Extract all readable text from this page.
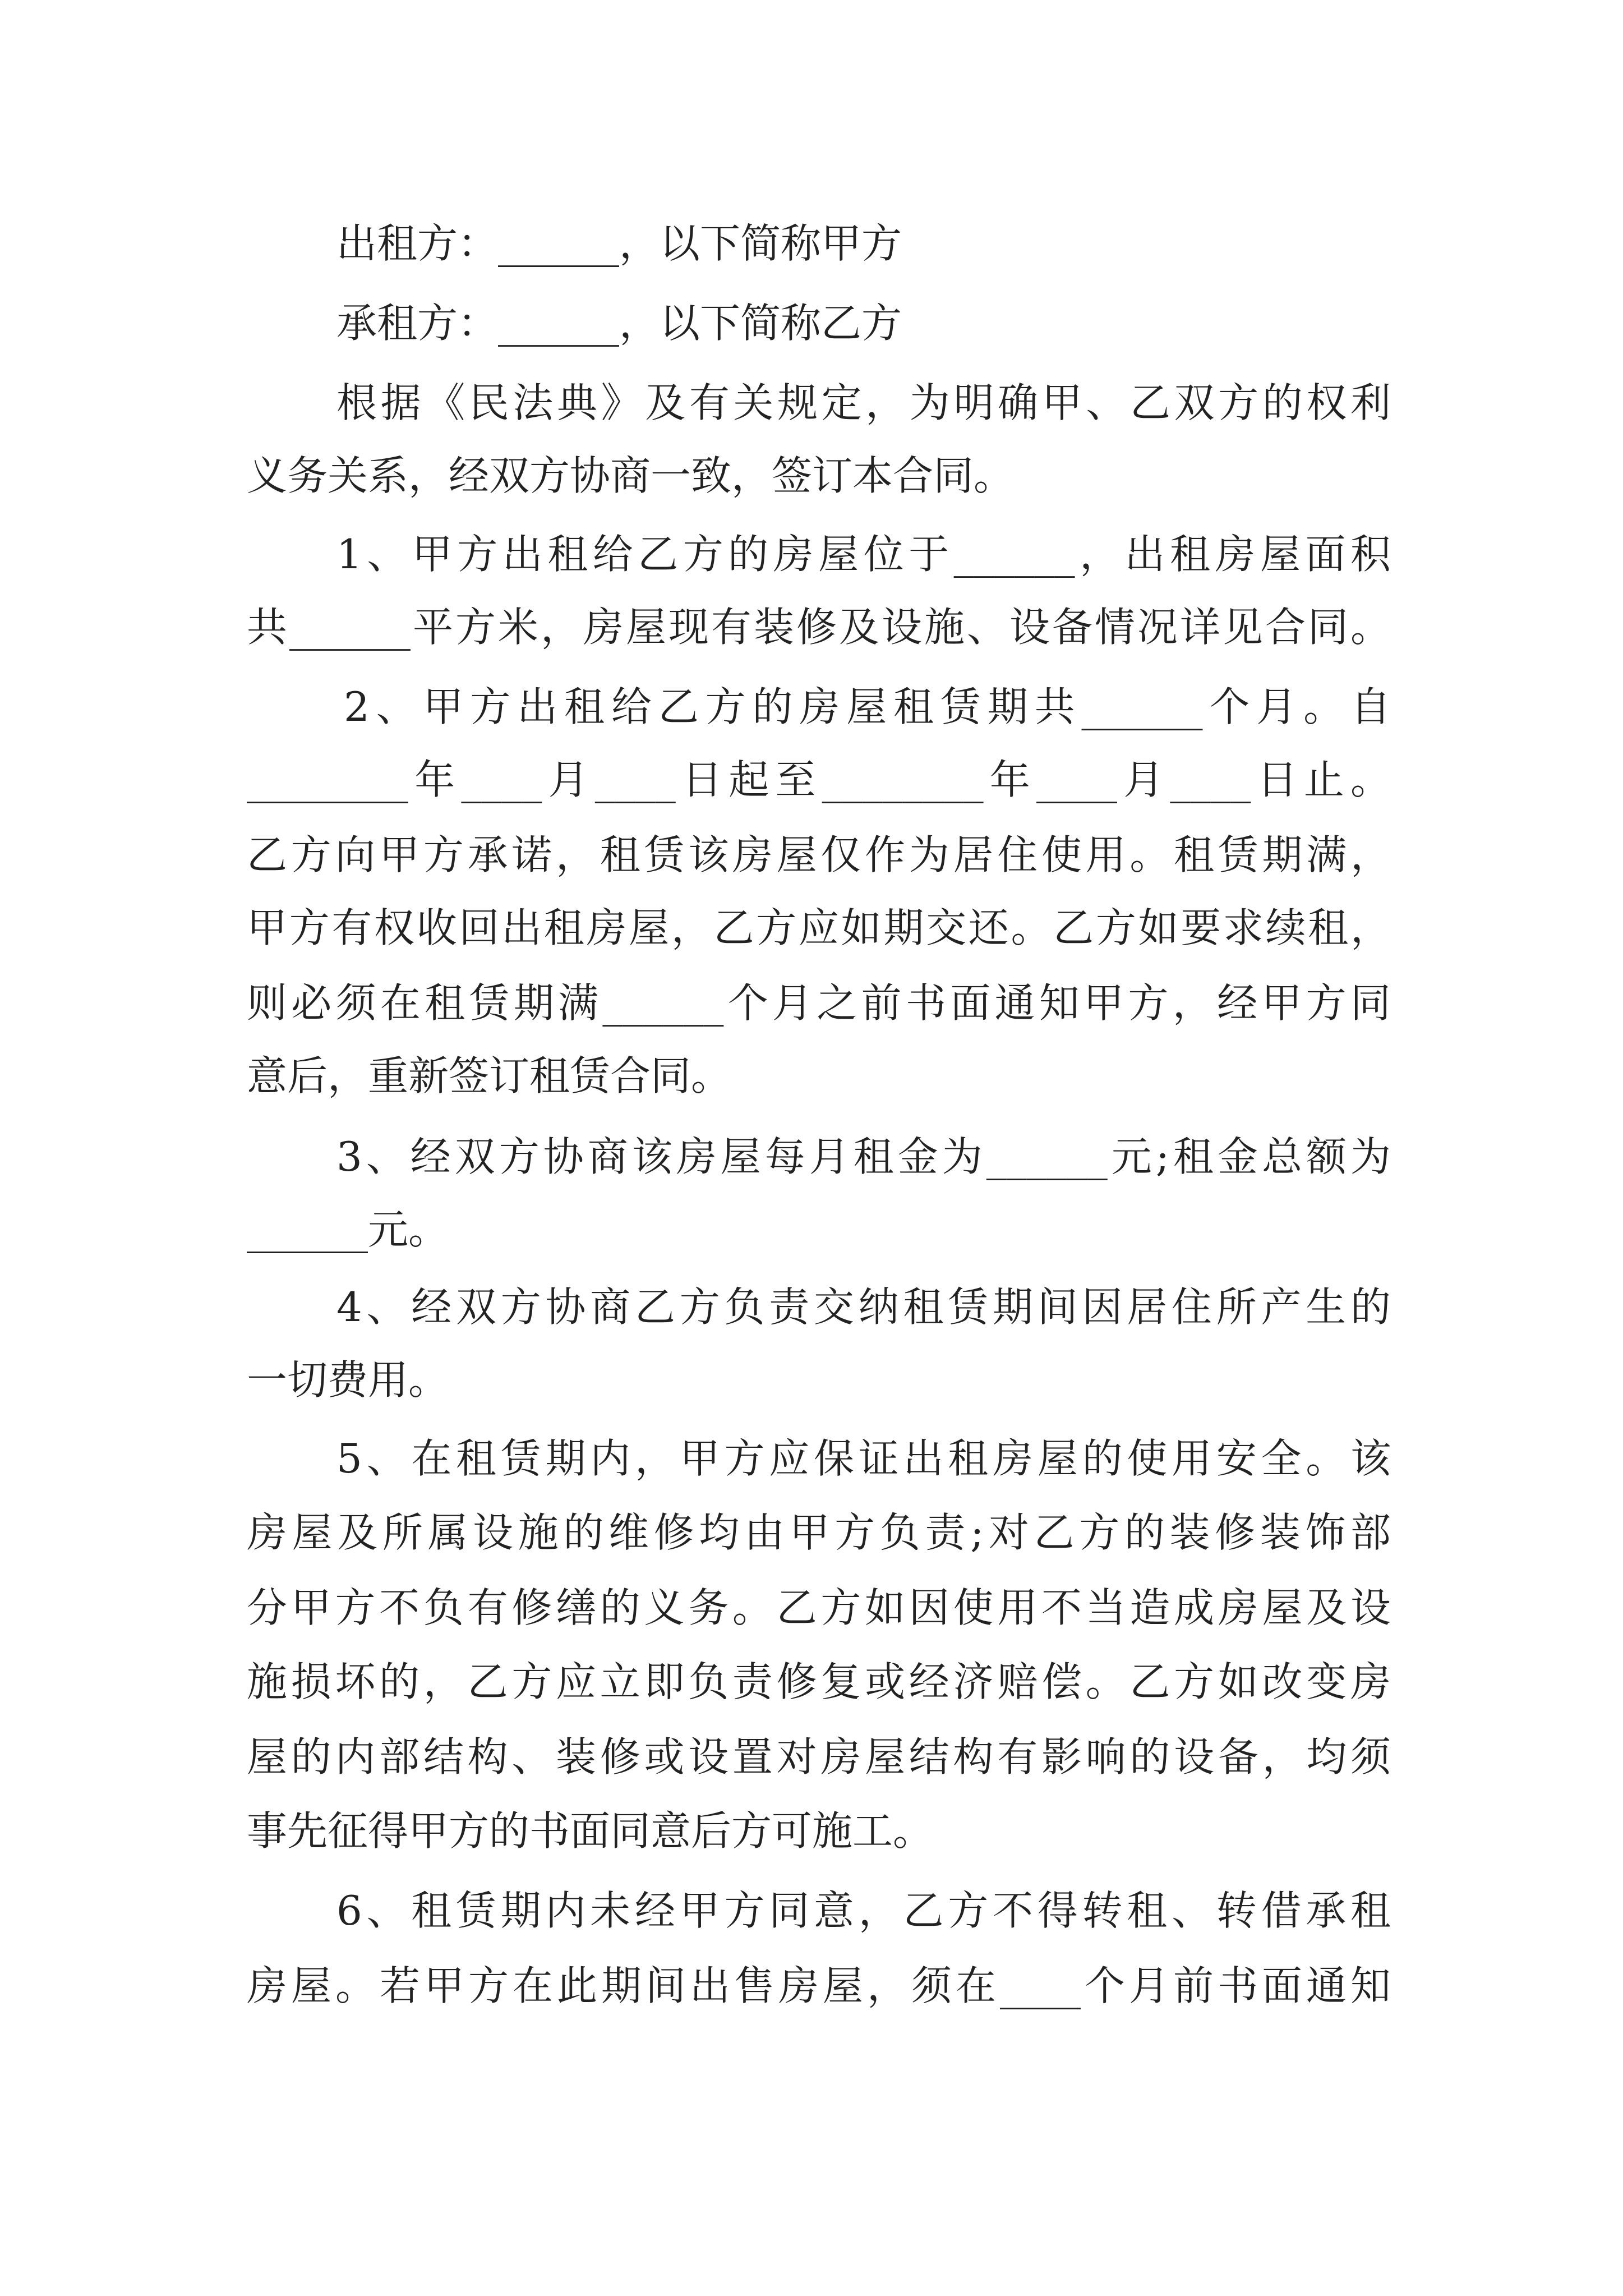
出租方：______，以下简称甲方
承租方：______，以下简称乙方
根据《民法典》及有关规定，为明确甲、乙双方的权利
义务关系，经双方协商一致，签订本合同。
1、甲方出租给乙方的房屋位于______，出租房屋面积
共______平方米，房屋现有装修及设施、设备情况详见合同。
2、甲方出租给乙方的房屋租赁期共______个月。自
________年____月____日起至________年____月____日止。
乙方向甲方承诺，租赁该房屋仅作为居住使用。租赁期满，
甲方有权收回出租房屋，乙方应如期交还。乙方如要求续租，
则必须在租赁期满______个月之前书面通知甲方，经甲方同
意后，重新签订租赁合同。
3、经双方协商该房屋每月租金为______元;租金总额为
______元。
4、经双方协商乙方负责交纳租赁期间因居住所产生的
一切费用。
5、在租赁期内，甲方应保证出租房屋的使用安全。该
房屋及所属设施的维修均由甲方负责;对乙方的装修装饰部
分甲方不负有修缮的义务。乙方如因使用不当造成房屋及设
施损坏的，乙方应立即负责修复或经济赔偿。乙方如改变房
屋的内部结构、装修或设置对房屋结构有影响的设备，均须
事先征得甲方的书面同意后方可施工。
6、租赁期内未经甲方同意，乙方不得转租、转借承租
房屋。若甲方在此期间出售房屋，须在____个月前书面通知
